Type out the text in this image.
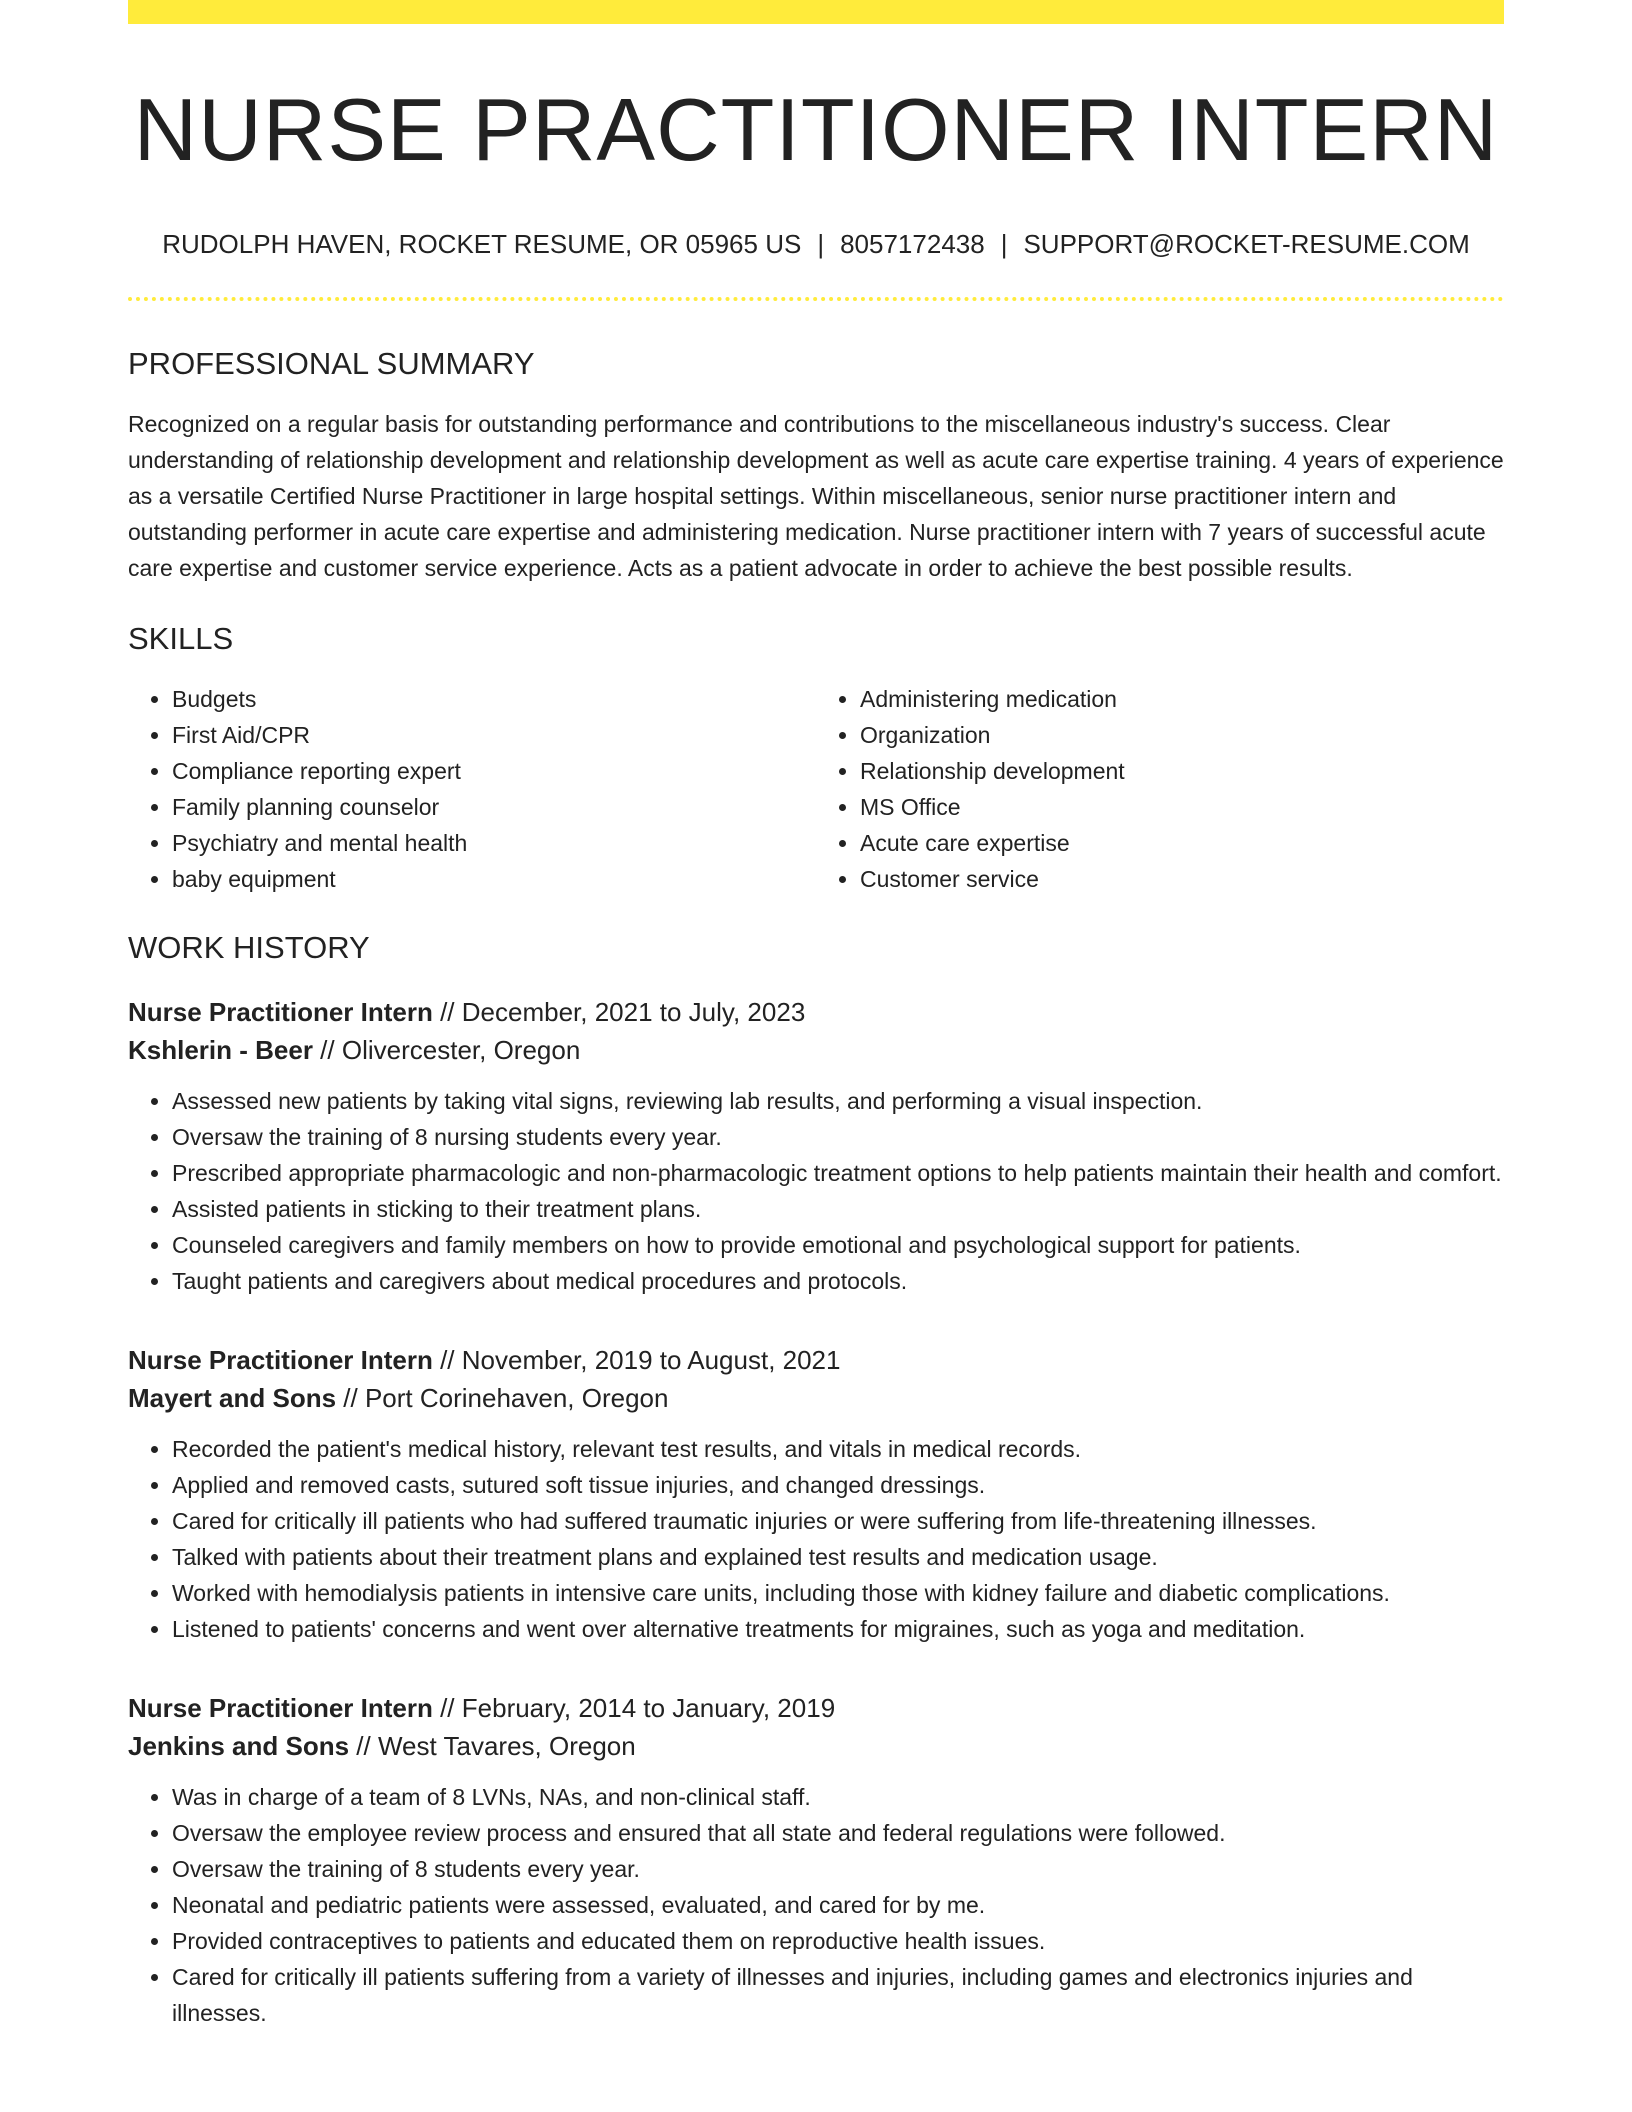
NURSE PRACTITIONER INTERN
RUDOLPH HAVEN, ROCKET RESUME, OR 05965 US | 8057172438 | SUPPORT@ROCKET-RESUME.COM
PROFESSIONAL SUMMARY

Recognized on a regular basis for outstanding performance and contributions to the miscellaneous industry's success. Clear understanding of relationship development and relationship development as well as acute care expertise training. 4 years of experience as a versatile Certified Nurse Practitioner in large hospital settings. Within miscellaneous, senior nurse practitioner intern and outstanding performer in acute care expertise and administering medication. Nurse practitioner intern with 7 years of successful acute care expertise and customer service experience. Acts as a patient advocate in order to achieve the best possible results.

SKILLS
• Budgets
• First Aid/CPR
• Compliance reporting expert
• Family planning counselor
• Psychiatry and mental health
• baby equipment
• Administering medication
• Organization
• Relationship development
• MS Office
• Acute care expertise
• Customer service
WORK HISTORY
Nurse Practitioner Intern // December, 2021 to July, 2023
Kshlerin - Beer // Olivercester, Oregon
• Assessed new patients by taking vital signs, reviewing lab results, and performing a visual inspection.
• Oversaw the training of 8 nursing students every year.
• Prescribed appropriate pharmacologic and non-pharmacologic treatment options to help patients maintain their health and comfort.
• Assisted patients in sticking to their treatment plans.
• Counseled caregivers and family members on how to provide emotional and psychological support for patients.
• Taught patients and caregivers about medical procedures and protocols.
Nurse Practitioner Intern // November, 2019 to August, 2021
Mayert and Sons // Port Corinehaven, Oregon
• Recorded the patient's medical history, relevant test results, and vitals in medical records.
• Applied and removed casts, sutured soft tissue injuries, and changed dressings.
• Cared for critically ill patients who had suffered traumatic injuries or were suffering from life-threatening illnesses.
• Talked with patients about their treatment plans and explained test results and medication usage.
• Worked with hemodialysis patients in intensive care units, including those with kidney failure and diabetic complications.
• Listened to patients' concerns and went over alternative treatments for migraines, such as yoga and meditation.
Nurse Practitioner Intern // February, 2014 to January, 2019
Jenkins and Sons // West Tavares, Oregon
• Was in charge of a team of 8 LVNs, NAs, and non-clinical staff.
• Oversaw the employee review process and ensured that all state and federal regulations were followed.
• Oversaw the training of 8 students every year.
• Neonatal and pediatric patients were assessed, evaluated, and cared for by me.
• Provided contraceptives to patients and educated them on reproductive health issues.
• Cared for critically ill patients suffering from a variety of illnesses and injuries, including games and electronics injuries and illnesses.
